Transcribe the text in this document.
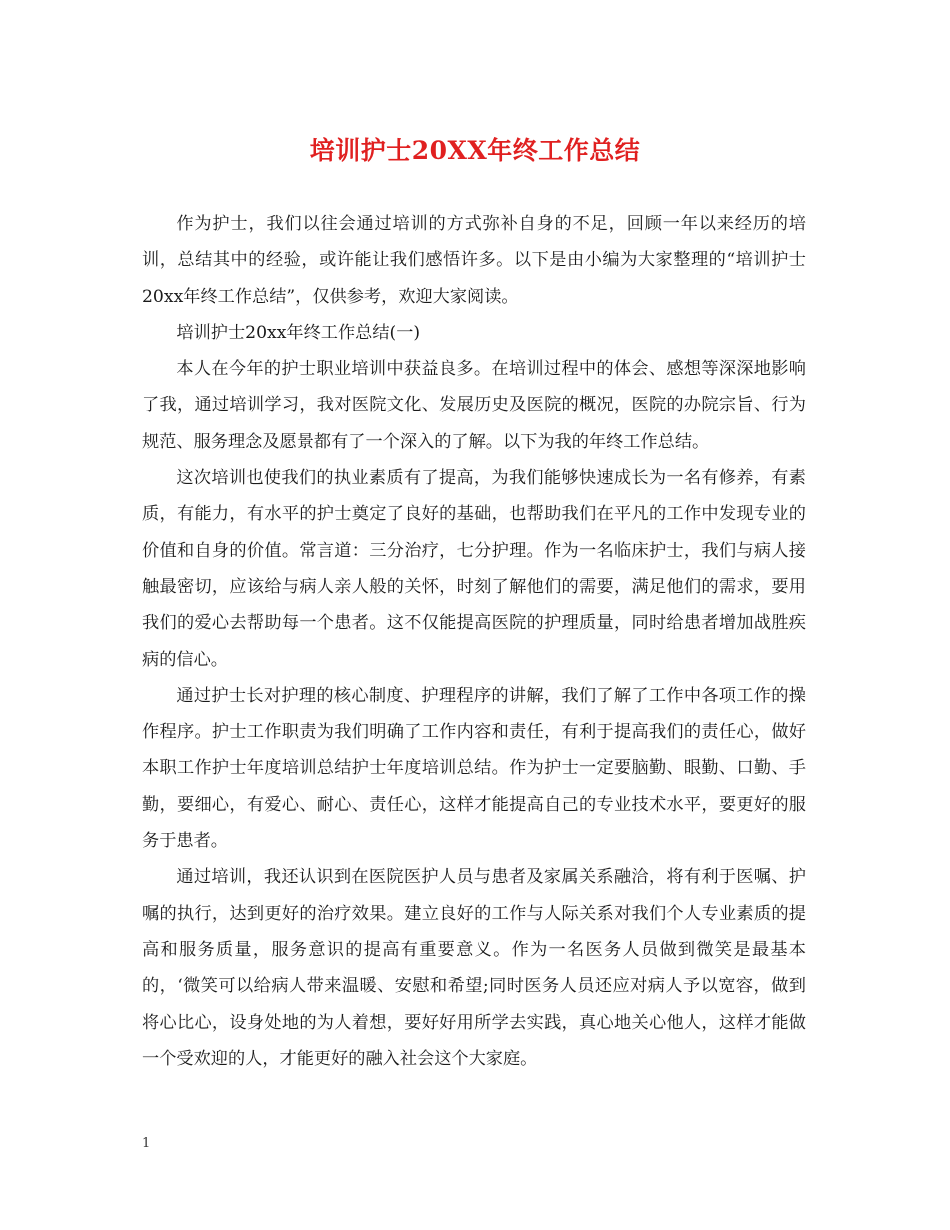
培训护士20XX年终工作总结

作为护士，我们以往会通过培训的方式弥补自身的不足，回顾一年以来经历的培训，总结其中的经验，或许能让我们感悟许多。以下是由小编为大家整理的“培训护士20xx年终工作总结”，仅供参考，欢迎大家阅读。

培训护士20xx年终工作总结(一)

本人在今年的护士职业培训中获益良多。在培训过程中的体会、感想等深深地影响了我，通过培训学习，我对医院文化、发展历史及医院的概况，医院的办院宗旨、行为规范、服务理念及愿景都有了一个深入的了解。以下为我的年终工作总结。

这次培训也使我们的执业素质有了提高，为我们能够快速成长为一名有修养，有素质，有能力，有水平的护士奠定了良好的基础，也帮助我们在平凡的工作中发现专业的价值和自身的价值。常言道：三分治疗，七分护理。作为一名临床护士，我们与病人接触最密切，应该给与病人亲人般的关怀，时刻了解他们的需要，满足他们的需求，要用我们的爱心去帮助每一个患者。这不仅能提高医院的护理质量，同时给患者增加战胜疾病的信心。

通过护士长对护理的核心制度、护理程序的讲解，我们了解了工作中各项工作的操作程序。护士工作职责为我们明确了工作内容和责任，有利于提高我们的责任心，做好本职工作护士年度培训总结护士年度培训总结。作为护士一定要脑勤、眼勤、口勤、手勤，要细心，有爱心、耐心、责任心，这样才能提高自己的专业技术水平，要更好的服务于患者。

通过培训，我还认识到在医院医护人员与患者及家属关系融洽，将有利于医嘱、护嘱的执行，达到更好的治疗效果。建立良好的工作与人际关系对我们个人专业素质的提高和服务质量，服务意识的提高有重要意义。作为一名医务人员做到微笑是最基本的，‘微笑可以给病人带来温暖、安慰和希望;同时医务人员还应对病人予以宽容，做到将心比心，设身处地的为人着想，要好好用所学去实践，真心地关心他人，这样才能做一个受欢迎的人，才能更好的融入社会这个大家庭。

1
